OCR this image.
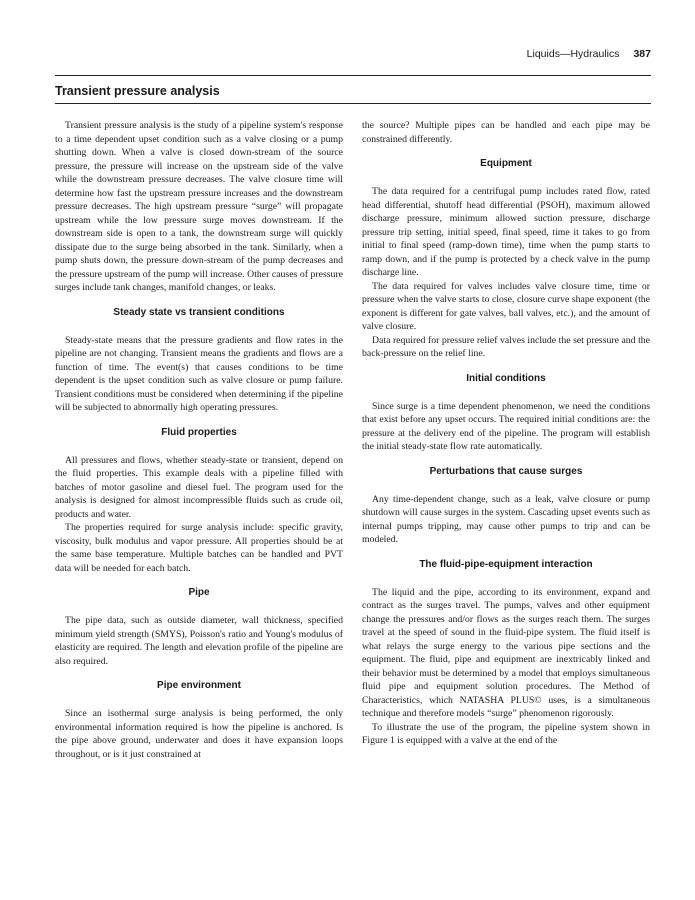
Liquids—Hydraulics 387
Transient pressure analysis

Transient pressure analysis is the study of a pipeline system's response to a time dependent upset condition such as a valve closing or a pump shutting down. When a valve is closed down-stream of the source pressure, the pressure will increase on the upstream side of the valve while the downstream pressure decreases. The valve closure time will determine how fast the upstream pressure increases and the downstream pressure decreases. The high upstream pressure “surge” will propagate upstream while the low pressure surge moves downstream. If the downstream side is open to a tank, the downstream surge will quickly dissipate due to the surge being absorbed in the tank. Similarly, when a pump shuts down, the pressure down-stream of the pump decreases and the pressure upstream of the pump will increase. Other causes of pressure surges include tank changes, manifold changes, or leaks.

Steady state vs transient conditions

Steady-state means that the pressure gradients and flow rates in the pipeline are not changing. Transient means the gradients and flows are a function of time. The event(s) that causes conditions to be time dependent is the upset condition such as valve closure or pump failure. Transient conditions must be considered when determining if the pipeline will be subjected to abnormally high operating pressures.

Fluid properties

All pressures and flows, whether steady-state or transient, depend on the fluid properties. This example deals with a pipeline filled with batches of motor gasoline and diesel fuel. The program used for the analysis is designed for almost incompressible fluids such as crude oil, products and water.

The properties required for surge analysis include: specific gravity, viscosity, bulk modulus and vapor pressure. All properties should be at the same base temperature. Multiple batches can be handled and PVT data will be needed for each batch.

Pipe

The pipe data, such as outside diameter, wall thickness, specified minimum yield strength (SMYS), Poisson's ratio and Young's modulus of elasticity are required. The length and elevation profile of the pipeline are also required.

Pipe environment

Since an isothermal surge analysis is being performed, the only environmental information required is how the pipeline is anchored. Is the pipe above ground, underwater and does it have expansion loops throughout, or is it just constrained at

the source? Multiple pipes can be handled and each pipe may be constrained differently.

Equipment

The data required for a centrifugal pump includes rated flow, rated head differential, shutoff head differential (PSOH), maximum allowed discharge pressure, minimum allowed suction pressure, discharge pressure trip setting, initial speed, final speed, time it takes to go from initial to final speed (ramp-down time), time when the pump starts to ramp down, and if the pump is protected by a check valve in the pump discharge line.

The data required for valves includes valve closure time, time or pressure when the valve starts to close, closure curve shape exponent (the exponent is different for gate valves, ball valves, etc.), and the amount of valve closure.

Data required for pressure relief valves include the set pressure and the back-pressure on the relief line.

Initial conditions

Since surge is a time dependent phenomenon, we need the conditions that exist before any upset occurs. The required initial conditions are: the pressure at the delivery end of the pipeline. The program will establish the initial steady-state flow rate automatically.

Perturbations that cause surges

Any time-dependent change, such as a leak, valve closure or pump shutdown will cause surges in the system. Cascading upset events such as internal pumps tripping, may cause other pumps to trip and can be modeled.

The fluid-pipe-equipment interaction

The liquid and the pipe, according to its environment, expand and contract as the surges travel. The pumps, valves and other equipment change the pressures and/or flows as the surges reach them. The surges travel at the speed of sound in the fluid-pipe system. The fluid itself is what relays the surge energy to the various pipe sections and the equipment. The fluid, pipe and equipment are inextricably linked and their behavior must be determined by a model that employs simultaneous fluid pipe and equipment solution procedures. The Method of Characteristics, which NATASHA PLUS© uses, is a simultaneous technique and therefore models “surge” phenomenon rigorously.

To illustrate the use of the program, the pipeline system shown in Figure 1 is equipped with a valve at the end of the
